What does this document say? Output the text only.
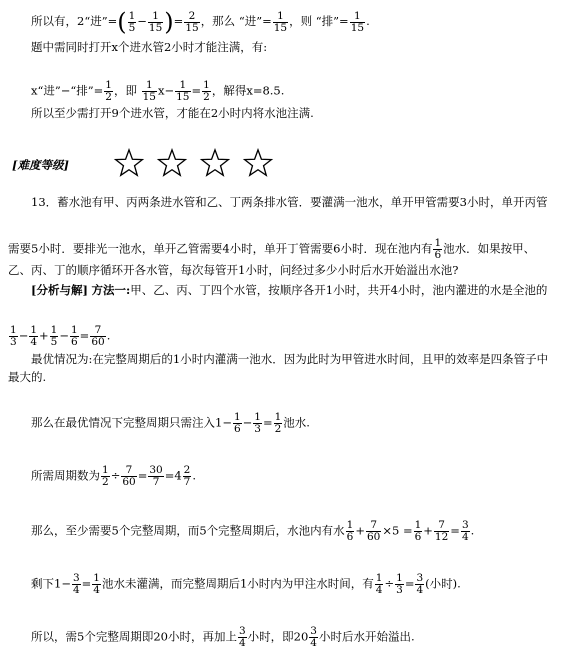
所以有，2“进”=( $\frac{1}{5} - \frac{1}{15}$ )= $\frac{2}{15}$ ，那么 “进”= $\frac{1}{15}$ ，则 “排”= $\frac{1}{15}$ .
题中需同时打开x个进水管2小时才能注满，有:
x“进”−“排”= $\frac{1}{2}$ ，即 $\frac{1}{15} x- \frac{1}{15} = \frac{1}{2}$ ，解得x=8.5.
所以至少需打开9个进水管，才能在2小时内将水池注满.
[难度等级]
13．蓄水池有甲、丙两条进水管和乙、丁两条排水管．要灌满一池水，单开甲管需要3小时，单开丙管
需要5小时．要排光一池水，单开乙管需要4小时，单开丁管需要6小时．现在池内有 $\frac{1}{6}$ 池水．如果按甲、
乙、丙、丁的顺序循环开各水管，每次每管开1小时，问经过多少小时后水开始溢出水池?
[分析与解] 方法一:甲、乙、丙、丁四个水管，按顺序各开1小时，共开4小时，池内灌进的水是全池的
$\frac{1}{3} - \frac{1}{4} + \frac{1}{5} - \frac{1}{6} = \frac{7}{60}$ .
最优情况为:在完整周期后的1小时内灌满一池水．因为此时为甲管进水时间，且甲的效率是四条管子中
最大的.
那么在最优情况下完整周期只需注入$1- \frac{1}{6} - \frac{1}{3} = \frac{1}{2}$ 池水.
所需周期数为 $\frac{1}{2} \div \frac{7}{60} = \frac{30}{7} =4 \frac{2}{7}$ .
那么，至少需要5个完整周期，而5个完整周期后，水池内有水 $\frac{1}{6} + \frac{7}{60} \times 5 = \frac{1}{6} + \frac{7}{12} = \frac{3}{4}$ .
剩下$1- \frac{3}{4} = \frac{1}{4}$ 池水未灌满，而完整周期后1小时内为甲注水时间，有 $\frac{1}{4} \div \frac{1}{3} = \frac{3}{4}$ (小时).
所以，需5个完整周期即20小时，再加上 $\frac{3}{4}$ 小时，即$20 \frac{3}{4}$ 小时后水开始溢出.
